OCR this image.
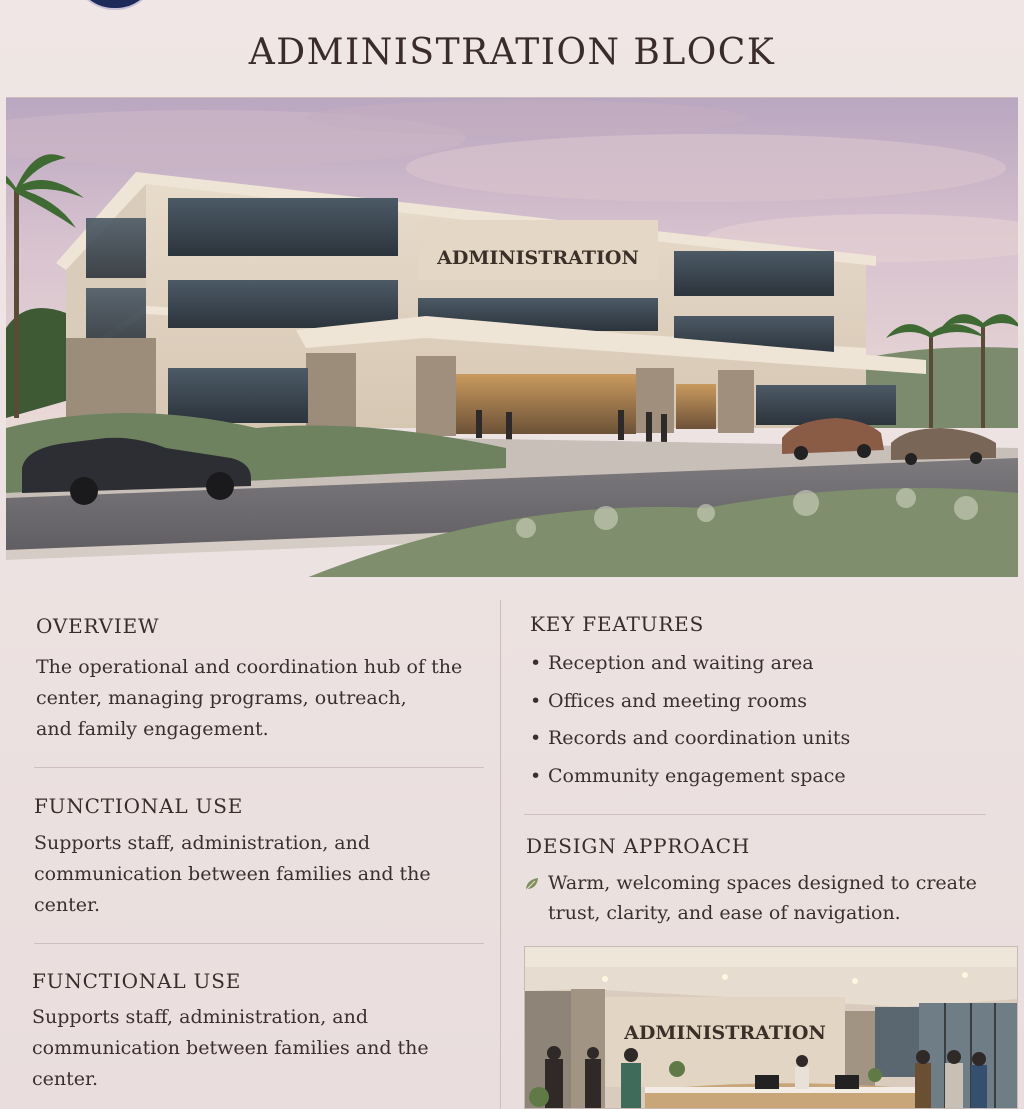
ADMINISTRATION BLOCK
ADMINISTRATION
OVERVIEW
The operational and coordination hub of the
center, managing programs, outreach,
and family engagement.
FUNCTIONAL USE
Supports staff, administration, and
communication between families and the
center.
FUNCTIONAL USE
Supports staff, administration, and
communication between families and the
center.
KEY FEATURES
• Reception and waiting area
• Offices and meeting rooms
• Records and coordination units
• Community engagement space
DESIGN APPROACH
Warm, welcoming spaces designed to create
trust, clarity, and ease of navigation.
ADMINISTRATION
